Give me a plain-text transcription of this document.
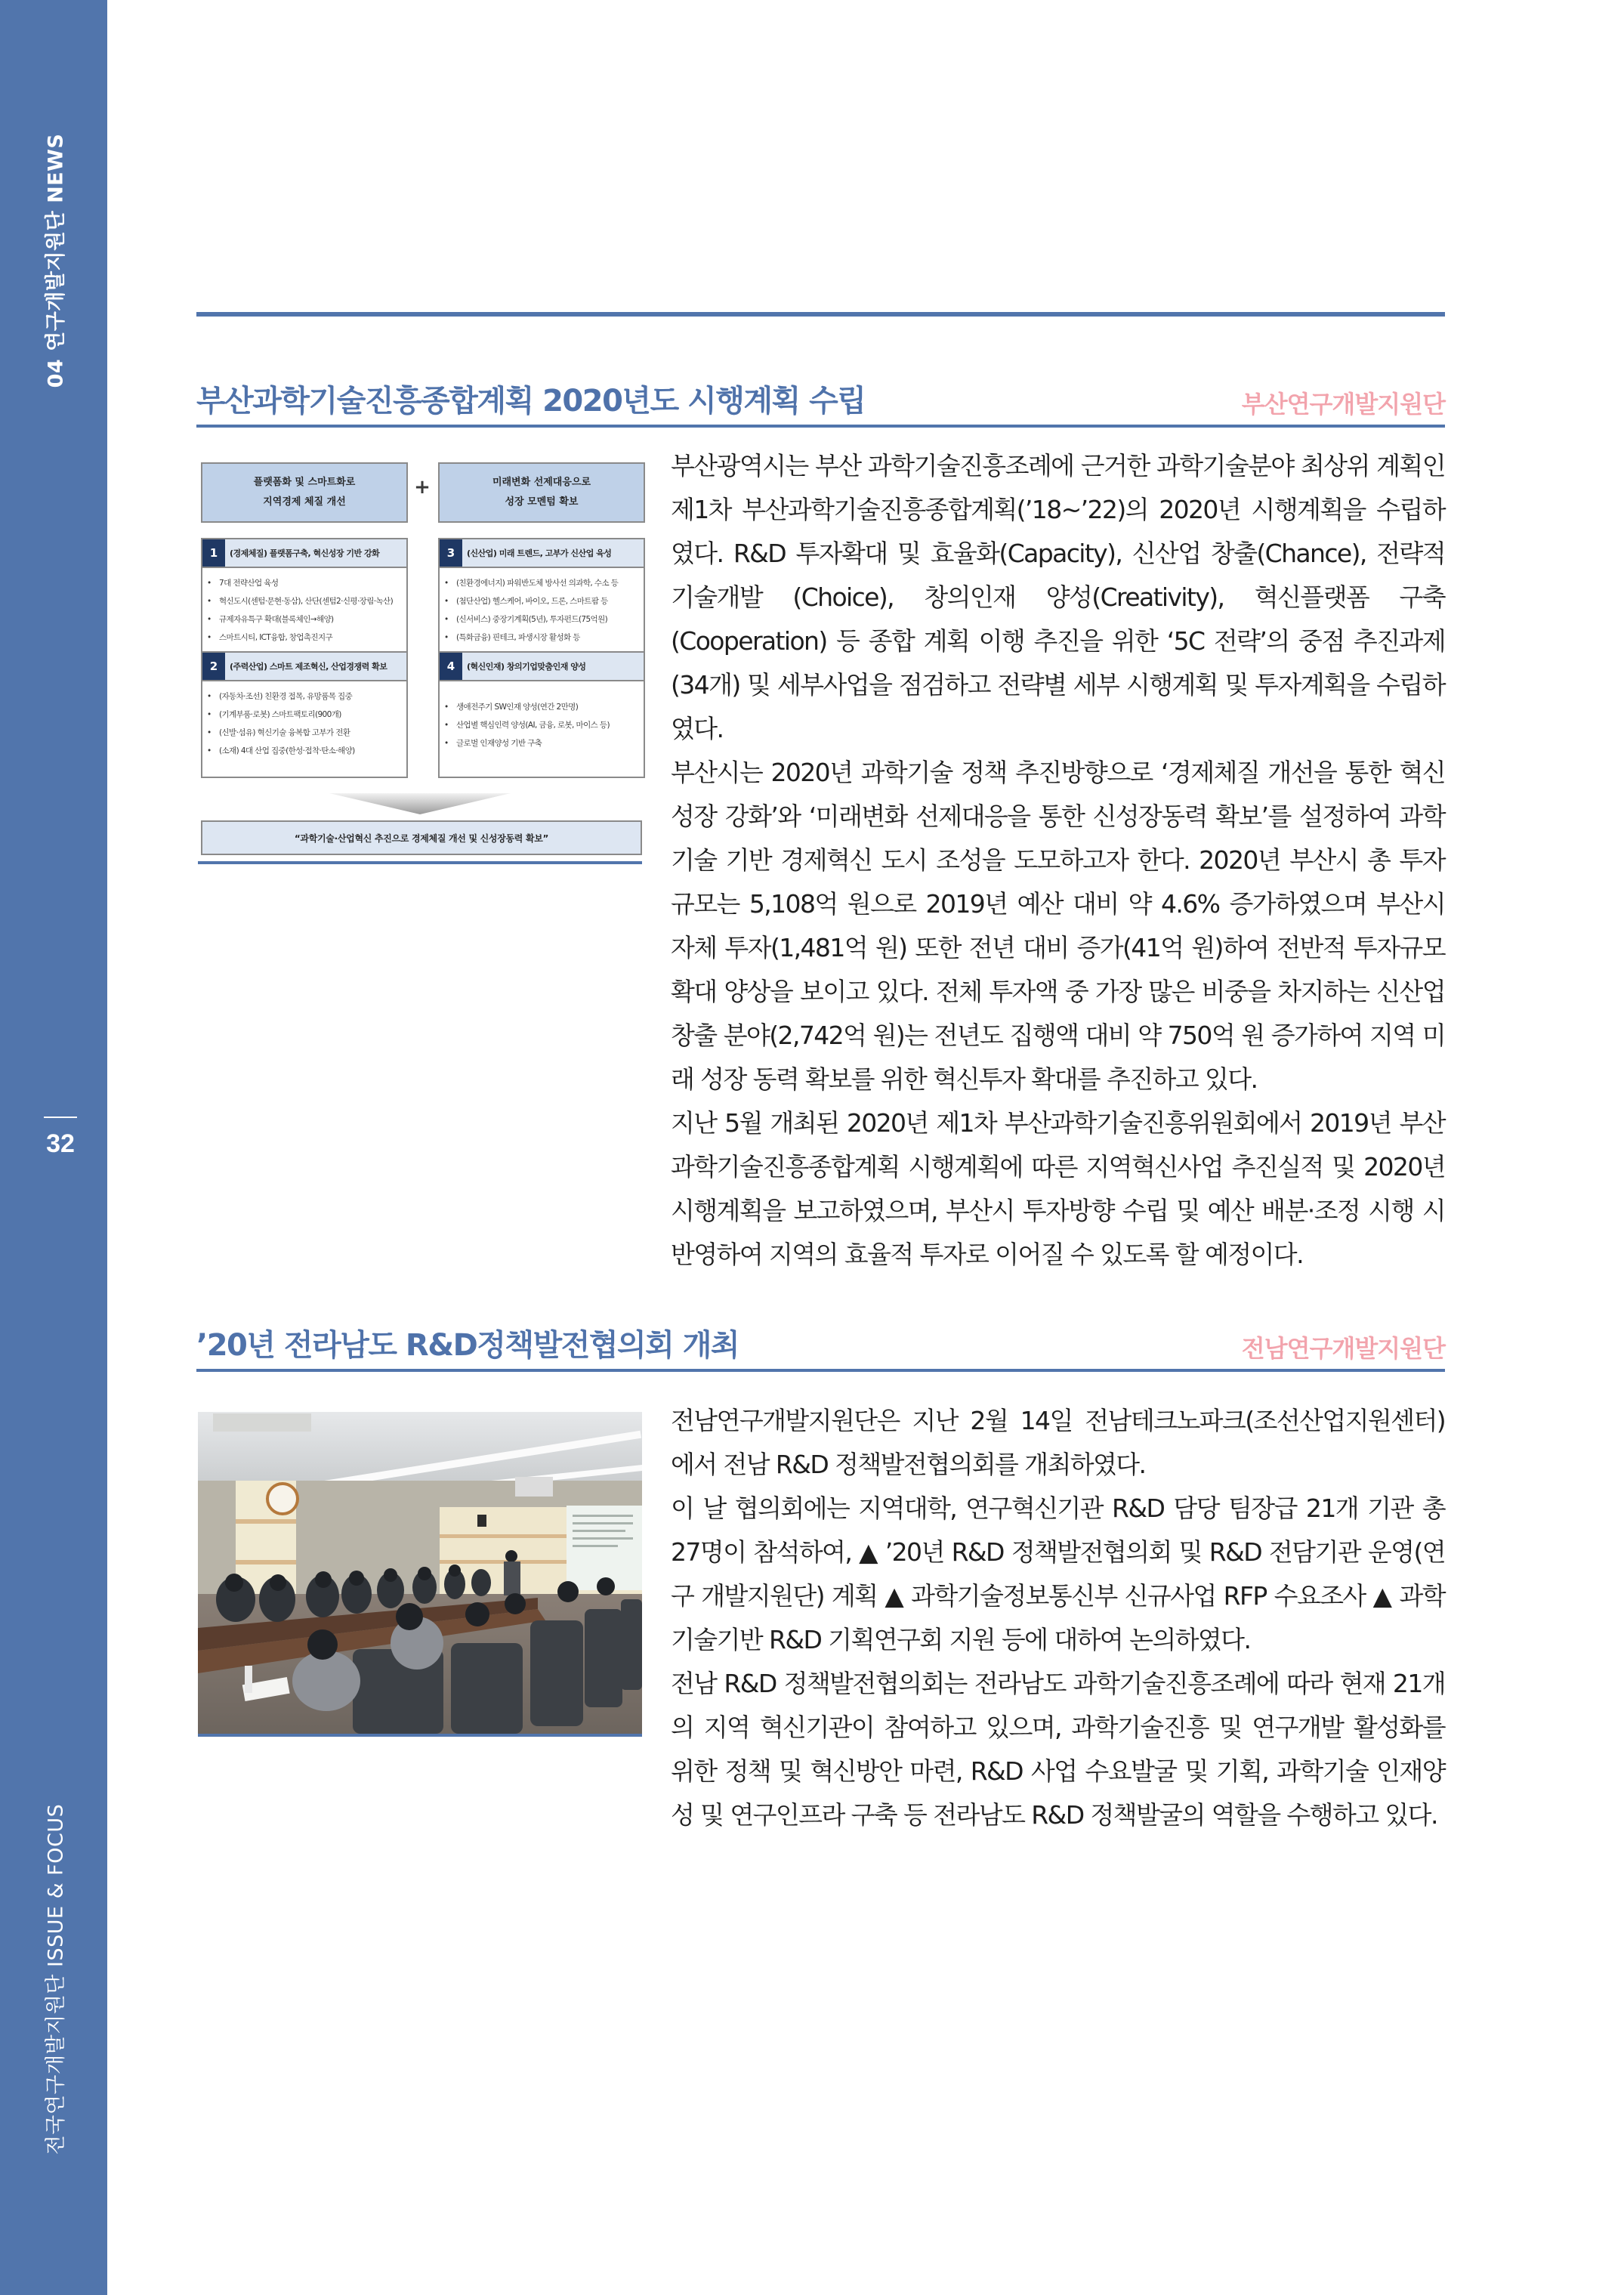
04 연구개발지원단 NEWS
32
전국연구개발지원단 ISSUE & FOCUS
부산과학기술진흥종합계획 2020년도 시행계획 수립	부산연구개발지원단
플랫폼화 및 스마트화로
지역경제 체질 개선
+	미래변화 선제대응으로
성장 모멘텀 확보
1	(경제체질) 플랫폼구축, 혁신성장 기반 강화
• 7대 전략산업 육성
• 혁신도시(센텀·문현·동삼), 산단(센텀2·신평·장림·녹산)
• 규제자유특구 확대(블록체인→해양)
• 스마트시티, ICT융합, 창업촉진지구
3	(신산업) 미래 트렌드, 고부가 신산업 육성
• (친환경에너지) 파워반도체 방사선 의과학, 수소 등
• (첨단산업) 헬스케어, 바이오, 드론, 스마트팜 등
• (신서비스) 중장기계획(5년), 투자펀드(75억원)
• (특화금융) 핀테크, 파생시장 활성화 등
2	(주력산업) 스마트 제조혁신, 산업경쟁력 확보
• (자동차·조선) 친환경 접목, 유망품목 집중
• (기계부품·로봇) 스마트팩토리(900개)
• (신발·섬유) 혁신기술 융복합 고부가 전환
• (소재) 4대 산업 집중(한성·접착·탄소·해양)
4	(혁신인재) 창의기업맞춤인재 양성
• 생애전주기 SW인재 양성(연간 2만명)
• 산업별 핵심인력 양성(AI, 금융, 로봇, 마이스 등)
• 글로벌 인재양성 기반 구축
“과학기술·산업혁신 추진으로 경제체질 개선 및 신성장동력 확보”

부산광역시는 부산 과학기술진흥조례에 근거한 과학기술분야 최상위 계획인 제1차 부산과학기술진흥종합계획(’18~’22)의 2020년 시행계획을 수립하였다. R&D 투자확대 및 효율화(Capacity), 신산업 창출(Chance), 전략적 기술개발 (Choice), 창의인재 양성(Creativity), 혁신플랫폼 구축(Cooperation) 등 종합 계획 이행 추진을 위한 ‘5C 전략’의 중점 추진과제(34개) 및 세부사업을 점검하고 전략별 세부 시행계획 및 투자계획을 수립하였다.

부산시는 2020년 과학기술 정책 추진방향으로 ‘경제체질 개선을 통한 혁신 성장 강화’와 ‘미래변화 선제대응을 통한 신성장동력 확보’를 설정하여 과학 기술 기반 경제혁신 도시 조성을 도모하고자 한다. 2020년 부산시 총 투자 규모는 5,108억 원으로 2019년 예산 대비 약 4.6% 증가하였으며 부산시 자체 투자(1,481억 원) 또한 전년 대비 증가(41억 원)하여 전반적 투자규모 확대 양상을 보이고 있다. 전체 투자액 중 가장 많은 비중을 차지하는 신산업 창출 분야(2,742억 원)는 전년도 집행액 대비 약 750억 원 증가하여 지역 미래 성장 동력 확보를 위한 혁신투자 확대를 추진하고 있다.

지난 5월 개최된 2020년 제1차 부산과학기술진흥위원회에서 2019년 부산 과학기술진흥종합계획 시행계획에 따른 지역혁신사업 추진실적 및 2020년 시행계획을 보고하였으며, 부산시 투자방향 수립 및 예산 배분·조정 시행 시 반영하여 지역의 효율적 투자로 이어질 수 있도록 할 예정이다.

’20년 전라남도 R&D정책발전협의회 개최	전남연구개발지원단

전남연구개발지원단은 지난 2월 14일 전남테크노파크(조선산업지원센터) 에서 전남 R&D 정책발전협의회를 개최하였다.

이 날 협의회에는 지역대학, 연구혁신기관 R&D 담당 팀장급 21개 기관 총 27명이 참석하여, ▲ ’20년 R&D 정책발전협의회 및 R&D 전담기관 운영(연구 개발지원단) 계획 ▲ 과학기술정보통신부 신규사업 RFP 수요조사 ▲ 과학 기술기반 R&D 기획연구회 지원 등에 대하여 논의하였다.

전남 R&D 정책발전협의회는 전라남도 과학기술진흥조례에 따라 현재 21개의 지역 혁신기관이 참여하고 있으며, 과학기술진흥 및 연구개발 활성화를 위한 정책 및 혁신방안 마련, R&D 사업 수요발굴 및 기획, 과학기술 인재양성 및 연구인프라 구축 등 전라남도 R&D 정책발굴의 역할을 수행하고 있다.
